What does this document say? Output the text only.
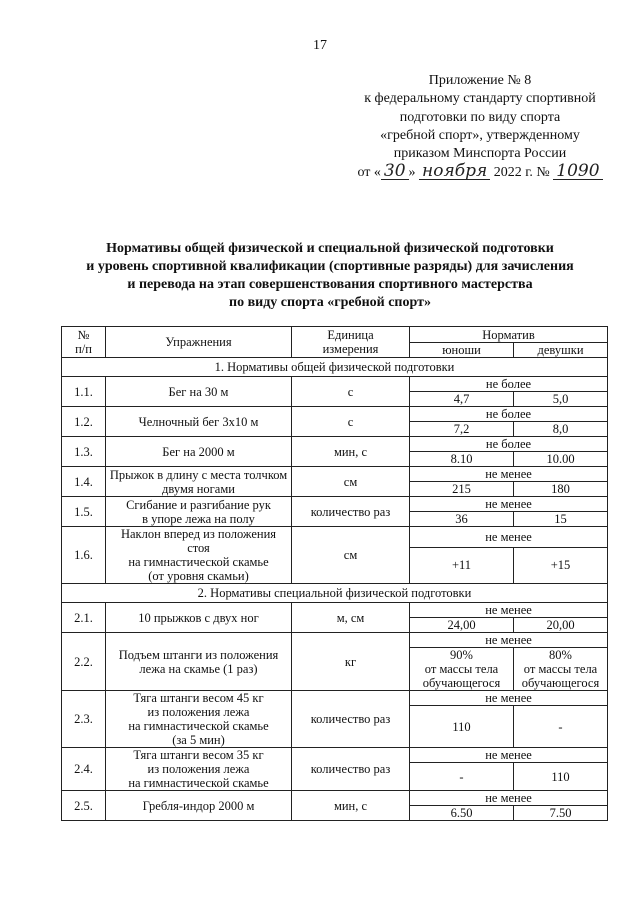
17
Приложение № 8
к федеральному стандарту спортивной
подготовки по виду спорта
«гребной спорт», утвержденному
приказом Минспорта России
от « 30 » ноября 2022 г. № 1090
Нормативы общей физической и специальной физической подготовки
и уровень спортивной квалификации (спортивные разряды) для зачисления
и перевода на этап совершенствования спортивного мастерства
по виду спорта «гребной спорт»
№
п/п	Упражнения	Единица
измерения	Норматив	
			юноши	девушки
1. Нормативы общей физической подготовки				
1.1.	Бег на 30 м	с	не более	
			4,7	5,0
1.2.	Челночный бег 3х10 м	с	не более	
			7,2	8,0
1.3.	Бег на 2000 м	мин, с	не более	
			8.10	10.00
1.4.	Прыжок в длину с места толчком
двумя ногами	см	не менее	
			215	180
1.5.	Сгибание и разгибание рук
в упоре лежа на полу	количество раз	не менее	
			36	15
1.6.	Наклон вперед из положения стоя
на гимнастической скамье
(от уровня скамьи)	см	не менее	
			+11	+15
2. Нормативы специальной физической подготовки				
2.1.	10 прыжков с двух ног	м, см	не менее	
			24,00	20,00
2.2.	Подъем штанги из положения
лежа на скамье (1 раз)	кг	не менее	
			90%
от массы тела
обучающегося	80%
от массы тела
обучающегося
2.3.	Тяга штанги весом 45 кг
из положения лежа
на гимнастической скамье
(за 5 мин)	количество раз	не менее	
			110	-
2.4.	Тяга штанги весом 35 кг
из положения лежа
на гимнастической скамье	количество раз	не менее	
			-	110
2.5.	Гребля-индор 2000 м	мин, с	не менее	
			6.50	7.50
